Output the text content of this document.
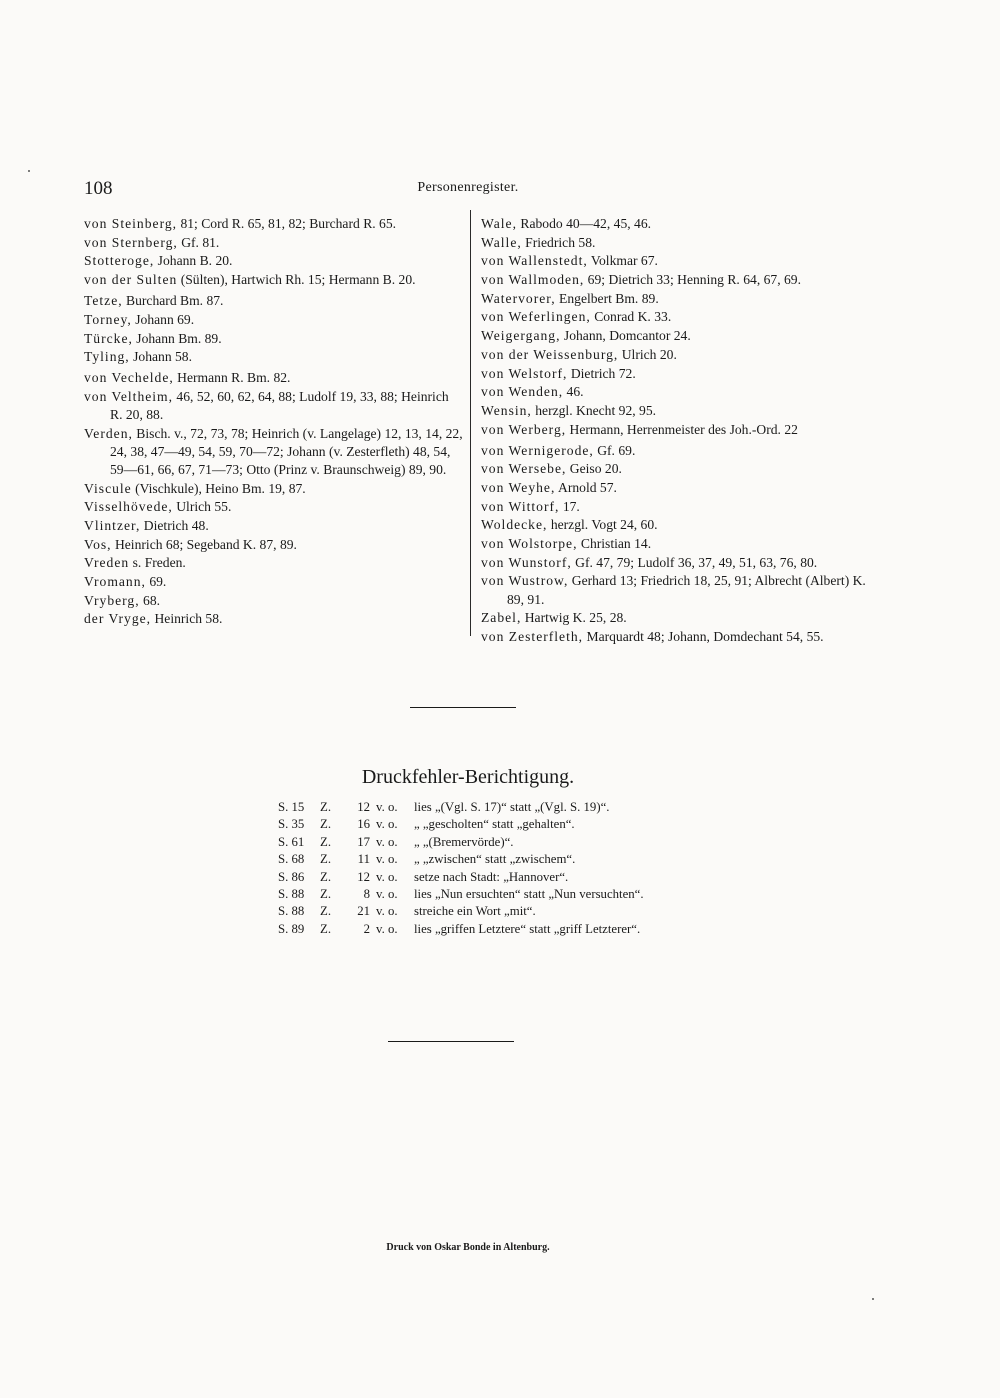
108	Personenregister.
von Steinberg, 81; Cord R. 65, 81, 82; Burchard R. 65.
von Sternberg, Gf. 81.
Stotteroge, Johann B. 20.
von der Sulten (Sülten), Hartwich Rh. 15; Hermann B. 20.
Tetze, Burchard Bm. 87.
Torney, Johann 69.
Türcke, Johann Bm. 89.
Tyling, Johann 58.
von Vechelde, Hermann R. Bm. 82.
von Veltheim, 46, 52, 60, 62, 64, 88; Ludolf 19, 33, 88; Heinrich R. 20, 88.
Verden, Bisch. v., 72, 73, 78; Heinrich (v. Langelage) 12, 13, 14, 22, 24, 38, 47—49, 54, 59, 70—72; Johann (v. Zesterfleth) 48, 54, 59—61, 66, 67, 71—73; Otto (Prinz v. Braunschweig) 89, 90.
Viscule (Vischkule), Heino Bm. 19, 87.
Visselhövede, Ulrich 55.
Vlintzer, Dietrich 48.
Vos, Heinrich 68; Segeband K. 87, 89.
Vreden s. Freden.
Vromann, 69.
Vryberg, 68.
der Vryge, Heinrich 58.
Wale, Rabodo 40—42, 45, 46.
Walle, Friedrich 58.
von Wallenstedt, Volkmar 67.
von Wallmoden, 69; Dietrich 33; Henning R. 64, 67, 69.
Watervorer, Engelbert Bm. 89.
von Weferlingen, Conrad K. 33.
Weigergang, Johann, Domcantor 24.
von der Weissenburg, Ulrich 20.
von Welstorf, Dietrich 72.
von Wenden, 46.
Wensin, herzgl. Knecht 92, 95.
von Werberg, Hermann, Herrenmeister des Joh.-Ord. 22
von Wernigerode, Gf. 69.
von Wersebe, Geiso 20.
von Weyhe, Arnold 57.
von Wittorf, 17.
Woldecke, herzgl. Vogt 24, 60.
von Wolstorpe, Christian 14.
von Wunstorf, Gf. 47, 79; Ludolf 36, 37, 49, 51, 63, 76, 80.
von Wustrow, Gerhard 13; Friedrich 18, 25, 91; Albrecht (Albert) K. 89, 91.
Zabel, Hartwig K. 25, 28.
von Zesterfleth, Marquardt 48; Johann, Domdechant 54, 55.
Druckfehler-Berichtigung.
S. 15	Z.	12 v. o.	lies „(Vgl. S. 17)“ statt „(Vgl. S. 19)“.
S. 35	Z.	16 v. o.	„ „gescholten“ statt „gehalten“.
S. 61	Z.	17 v. o.	„ „(Bremervörde)“.
S. 68	Z.	11 v. o.	„ „zwischen“ statt „zwischem“.
S. 86	Z.	12 v. o.	setze nach Stadt: „Hannover“.
S. 88	Z.	8 v. o.	lies „Nun ersuchten“ statt „Nun versuchten“.
S. 88	Z.	21 v. o.	streiche ein Wort „mit“.
S. 89	Z.	2 v. o.	lies „griffen Letztere“ statt „griff Letzterer“.
Druck von Oskar Bonde in Altenburg.
